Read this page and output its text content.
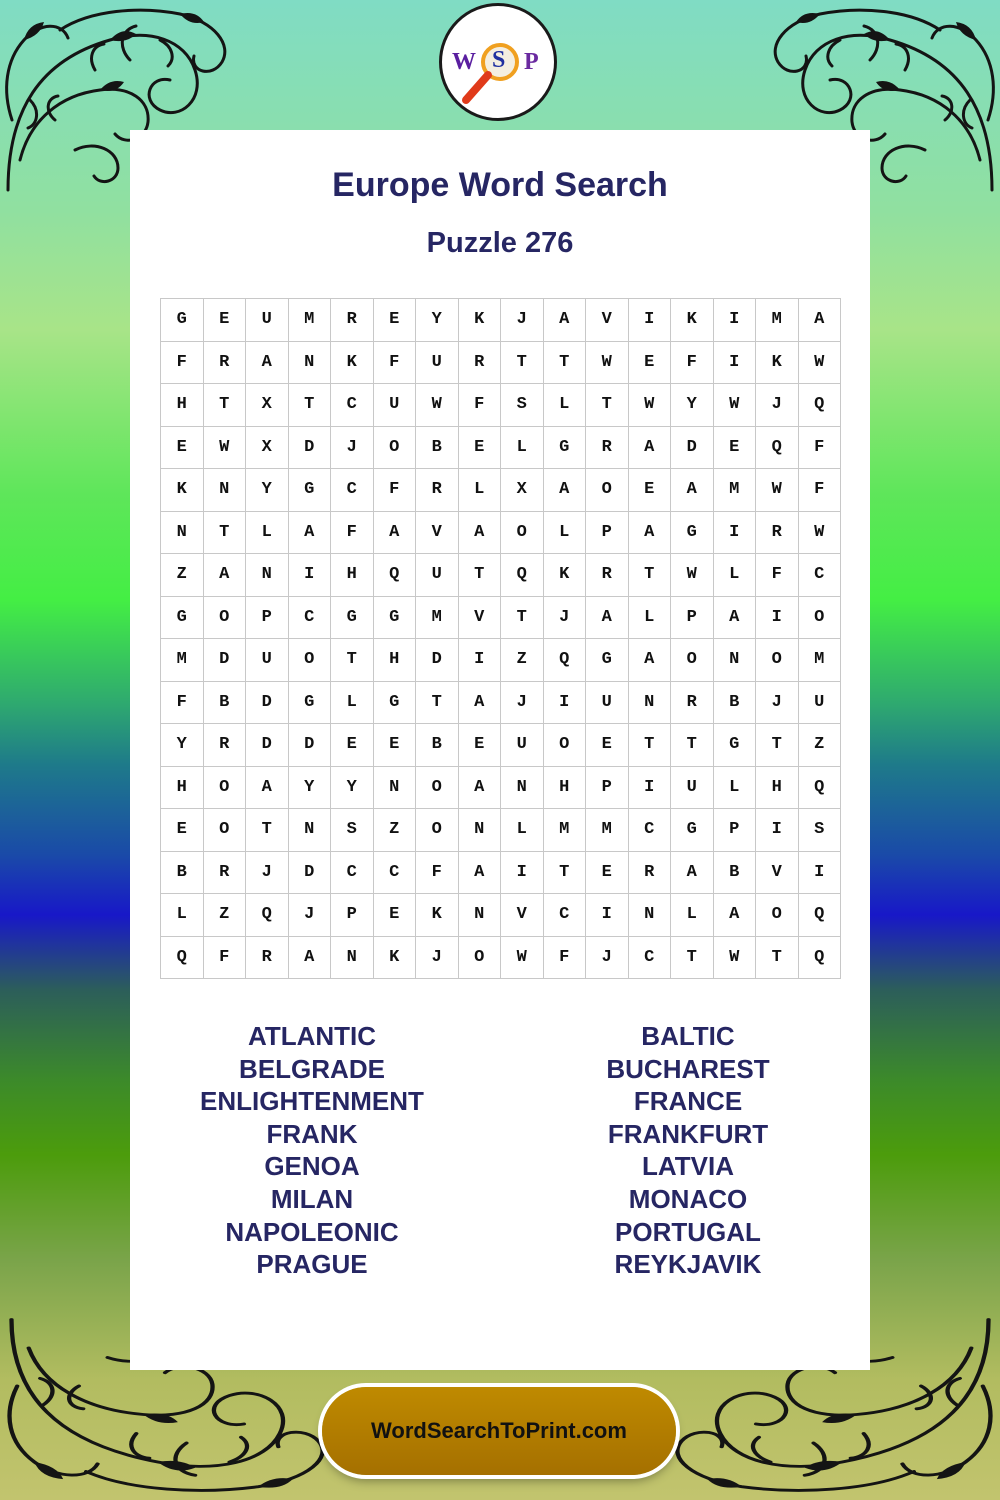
W S P
Europe Word Search
Puzzle 276
G	E	U	M	R	E	Y	K	J	A	V	I	K	I	M	A
F	R	A	N	K	F	U	R	T	T	W	E	F	I	K	W
H	T	X	T	C	U	W	F	S	L	T	W	Y	W	J	Q
E	W	X	D	J	O	B	E	L	G	R	A	D	E	Q	F
K	N	Y	G	C	F	R	L	X	A	O	E	A	M	W	F
N	T	L	A	F	A	V	A	O	L	P	A	G	I	R	W
Z	A	N	I	H	Q	U	T	Q	K	R	T	W	L	F	C
G	O	P	C	G	G	M	V	T	J	A	L	P	A	I	O
M	D	U	O	T	H	D	I	Z	Q	G	A	O	N	O	M
F	B	D	G	L	G	T	A	J	I	U	N	R	B	J	U
Y	R	D	D	E	E	B	E	U	O	E	T	T	G	T	Z
H	O	A	Y	Y	N	O	A	N	H	P	I	U	L	H	Q
E	O	T	N	S	Z	O	N	L	M	M	C	G	P	I	S
B	R	J	D	C	C	F	A	I	T	E	R	A	B	V	I
L	Z	Q	J	P	E	K	N	V	C	I	N	L	A	O	Q
Q	F	R	A	N	K	J	O	W	F	J	C	T	W	T	Q
ATLANTIC
BELGRADE
ENLIGHTENMENT
FRANK
GENOA
MILAN
NAPOLEONIC
PRAGUE
BALTIC
BUCHAREST
FRANCE
FRANKFURT
LATVIA
MONACO
PORTUGAL
REYKJAVIK
WordSearchToPrint.com
